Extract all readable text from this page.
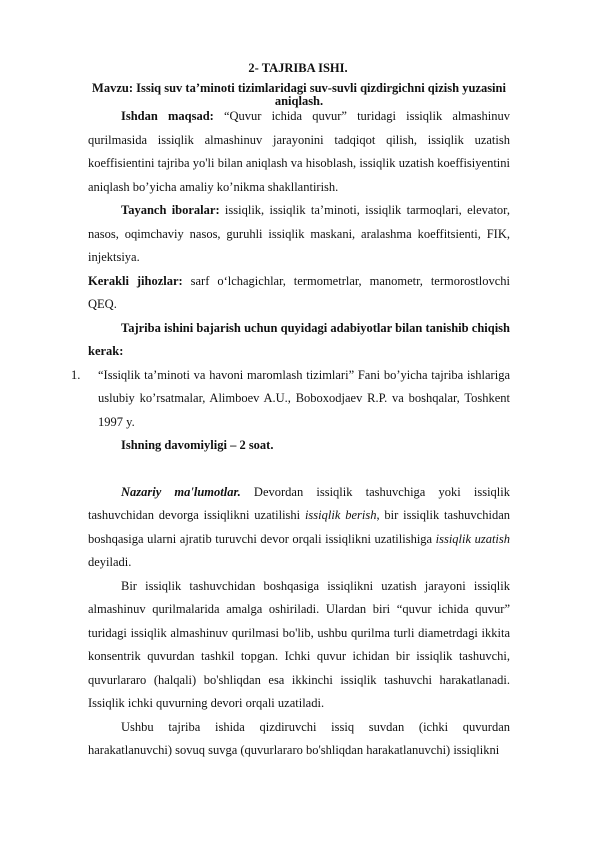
2- TAJRIBA ISHI.
Mavzu: Issiq suv ta’minoti tizimlaridagi suv-suvli qizdirgichni qizish yuzasini aniqlash.

Ishdan maqsad: “Quvur ichida quvur” turidagi issiqlik almashinuv qurilmasida issiqlik almashinuv jarayonini tadqiqot qilish, issiqlik uzatish koeffisientini tajriba yo'li bilan aniqlash va hisoblash, issiqlik uzatish koeffisiyentini aniqlash bo’yicha amaliy ko’nikma shakllantirish.

Tayanch iboralar: issiqlik, issiqlik ta’minoti, issiqlik tarmoqlari, elevator, nasos, oqimchaviy nasos, guruhli issiqlik maskani, aralashma koeffitsienti, FIK, injektsiya.

Kerakli jihozlar: sarf o‘lchagichlar, termometrlar, manometr, termorostlovchi QEQ.

Tajriba ishini bajarish uchun quyidagi adabiyotlar bilan tanishib chiqish kerak:

1. “Issiqlik ta’minoti va havoni maromlash tizimlari” Fani bo’yicha tajriba ishlariga uslubiy ko’rsatmalar, Alimboev A.U., Boboxodjaev R.P. va boshqalar, Toshkent 1997 y.

Ishning davomiyligi – 2 soat.

Nazariy ma'lumotlar. Devordan issiqlik tashuvchiga yoki issiqlik tashuvchidan devorga issiqlikni uzatilishi issiqlik berish, bir issiqlik tashuvchidan boshqasiga ularni ajratib turuvchi devor orqali issiqlikni uzatilishiga issiqlik uzatish deyiladi.

Bir issiqlik tashuvchidan boshqasiga issiqlikni uzatish jarayoni issiqlik almashinuv qurilmalarida amalga oshiriladi. Ulardan biri “quvur ichida quvur” turidagi issiqlik almashinuv qurilmasi bo'lib, ushbu qurilma turli diametrdagi ikkita konsentrik quvurdan tashkil topgan. Ichki quvur ichidan bir issiqlik tashuvchi, quvurlararo (halqali) bo'shliqdan esa ikkinchi issiqlik tashuvchi harakatlanadi. Issiqlik ichki quvurning devori orqali uzatiladi.

Ushbu tajriba ishida qizdiruvchi issiq suvdan (ichki quvurdan harakatlanuvchi) sovuq suvga (quvurlararo bo'shliqdan harakatlanuvchi) issiqlikni
